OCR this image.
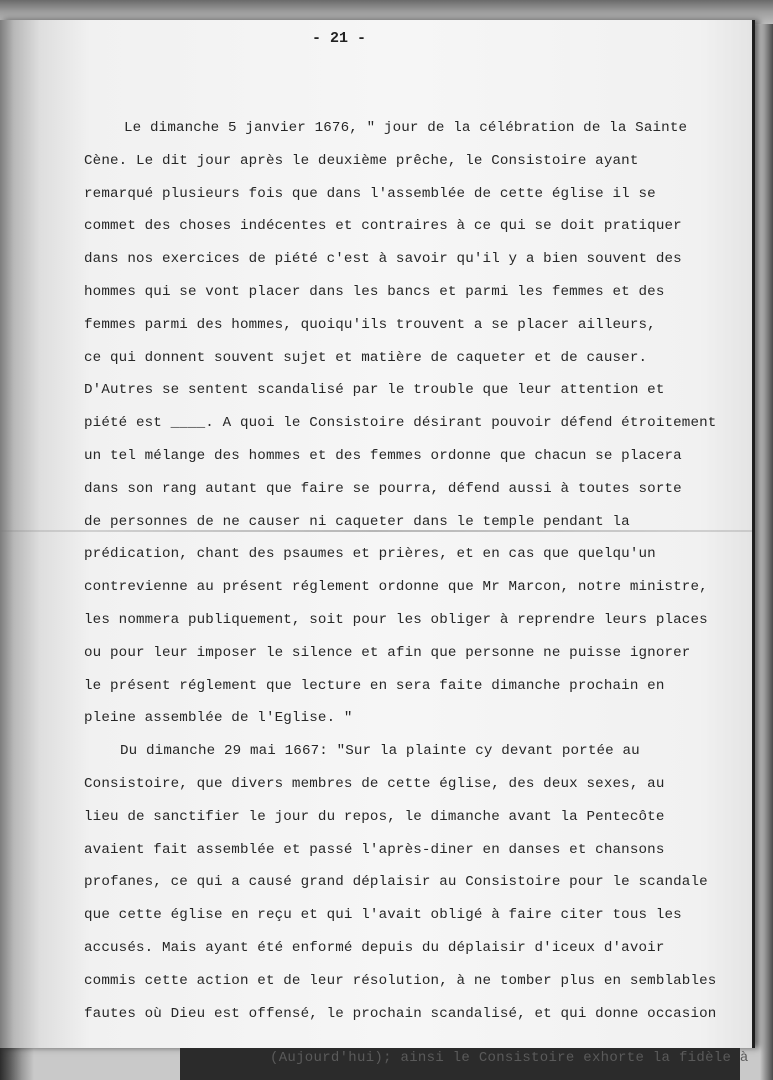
- 21 -
Le dimanche 5 janvier 1676, " jour de la célébration de la Sainte
Cène. Le dit jour après le deuxième prêche, le Consistoire ayant
remarqué plusieurs fois que dans l'assemblée de cette église il se
commet des choses indécentes et contraires à ce qui se doit pratiquer
dans nos exercices de piété c'est à savoir qu'il y a bien souvent des
hommes qui se vont placer dans les bancs et parmi les femmes et des
femmes parmi des hommes, quoiqu'ils trouvent a se placer ailleurs,
ce qui donnent souvent sujet et matière de caqueter et de causer.
D'Autres se sentent scandalisé par le trouble que leur attention et
piété est ____. A quoi le Consistoire désirant pouvoir défend étroitement
un tel mélange des hommes et des femmes ordonne que chacun se placera
dans son rang autant que faire se pourra, défend aussi à toutes sorte
de personnes de ne causer ni caqueter dans le temple pendant la
prédication, chant des psaumes et prières, et en cas que quelqu'un
contrevienne au présent réglement ordonne que Mr Marcon, notre ministre,
les nommera publiquement, soit pour les obliger à reprendre leurs places
ou pour leur imposer le silence et afin que personne ne puisse ignorer
le présent réglement que lecture en sera faite dimanche prochain en
pleine assemblée de l'Eglise. "
Du dimanche 29 mai 1667: "Sur la plainte cy devant portée au
Consistoire, que divers membres de cette église, des deux sexes, au
lieu de sanctifier le jour du repos, le dimanche avant la Pentecôte
avaient fait assemblée et passé l'après-diner en danses et chansons
profanes, ce qui a causé grand déplaisir au Consistoire pour le scandale
que cette église en reçu et qui l'avait obligé à faire citer tous les
accusés. Mais ayant été enformé depuis du déplaisir d'iceux d'avoir
commis cette action et de leur résolution, à ne tomber plus en semblables
fautes où Dieu est offensé, le prochain scandalisé, et qui donne occasion
(Aujourd'hui); ainsi le Consistoire exhorte la fidèle à
